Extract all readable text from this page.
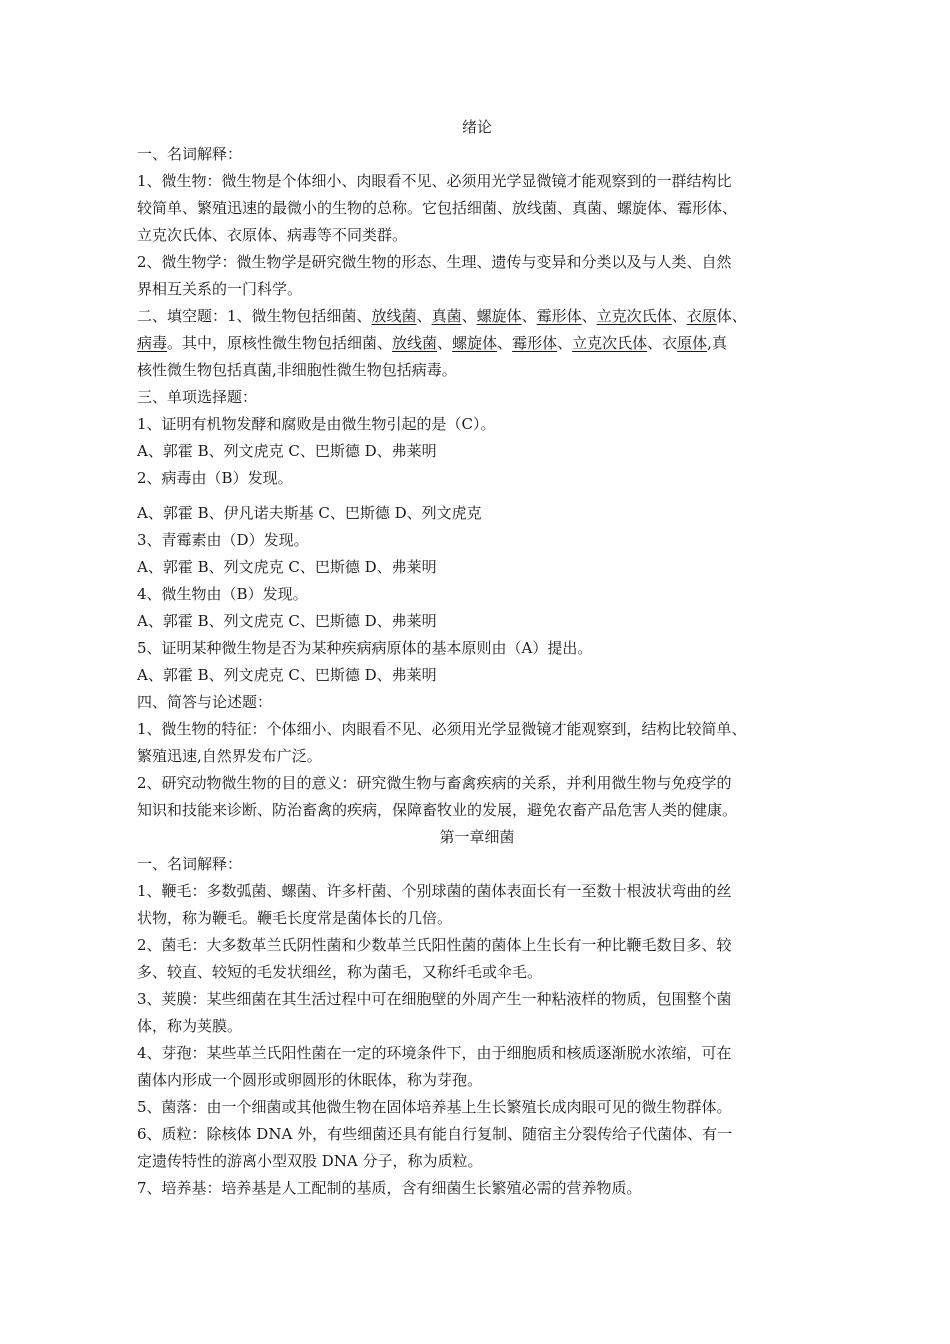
绪论
一、名词解释：
1、微生物：微生物是个体细小、肉眼看不见、必须用光学显微镜才能观察到的一群结构比
较简单、繁殖迅速的最微小的生物的总称。它包括细菌、放线菌、真菌、螺旋体、霉形体、
立克次氏体、衣原体、病毒等不同类群。
2、微生物学：微生物学是研究微生物的形态、生理、遗传与变异和分类以及与人类、自然
界相互关系的一门科学。
二、填空题：1、微生物包括细菌、放线菌、真菌、螺旋体、霉形体、立克次氏体、衣原体、
病毒。其中，原核性微生物包括细菌、放线菌、螺旋体、霉形体、立克次氏体、衣原体,真
核性微生物包括真菌,非细胞性微生物包括病毒。
三、单项选择题：
1、证明有机物发酵和腐败是由微生物引起的是（C）。
A、郭霍 B、列文虎克 C、巴斯德 D、弗莱明
2、病毒由（B）发现。
A、郭霍 B、伊凡诺夫斯基 C、巴斯德 D、列文虎克
3、青霉素由（D）发现。
A、郭霍 B、列文虎克 C、巴斯德 D、弗莱明
4、微生物由（B）发现。
A、郭霍 B、列文虎克 C、巴斯德 D、弗莱明
5、证明某种微生物是否为某种疾病病原体的基本原则由（A）提出。
A、郭霍 B、列文虎克 C、巴斯德 D、弗莱明
四、简答与论述题：
1、微生物的特征：个体细小、肉眼看不见、必须用光学显微镜才能观察到，结构比较简单、
繁殖迅速,自然界发布广泛。
2、研究动物微生物的目的意义：研究微生物与畜禽疾病的关系，并利用微生物与免疫学的
知识和技能来诊断、防治畜禽的疾病，保障畜牧业的发展，避免农畜产品危害人类的健康。
第一章细菌
一、名词解释：
1、鞭毛：多数弧菌、螺菌、许多杆菌、个别球菌的菌体表面长有一至数十根波状弯曲的丝
状物，称为鞭毛。鞭毛长度常是菌体长的几倍。
2、菌毛：大多数革兰氏阴性菌和少数革兰氏阳性菌的菌体上生长有一种比鞭毛数目多、较
多、较直、较短的毛发状细丝，称为菌毛，又称纤毛或伞毛。
3、荚膜：某些细菌在其生活过程中可在细胞壁的外周产生一种粘液样的物质，包围整个菌
体，称为荚膜。
4、芽孢：某些革兰氏阳性菌在一定的环境条件下，由于细胞质和核质逐渐脱水浓缩，可在
菌体内形成一个圆形或卵圆形的休眠体，称为芽孢。
5、菌落：由一个细菌或其他微生物在固体培养基上生长繁殖长成肉眼可见的微生物群体。
6、质粒：除核体 DNA 外，有些细菌还具有能自行复制、随宿主分裂传给子代菌体、有一
定遗传特性的游离小型双股 DNA 分子，称为质粒。
7、培养基：培养基是人工配制的基质，含有细菌生长繁殖必需的营养物质。
